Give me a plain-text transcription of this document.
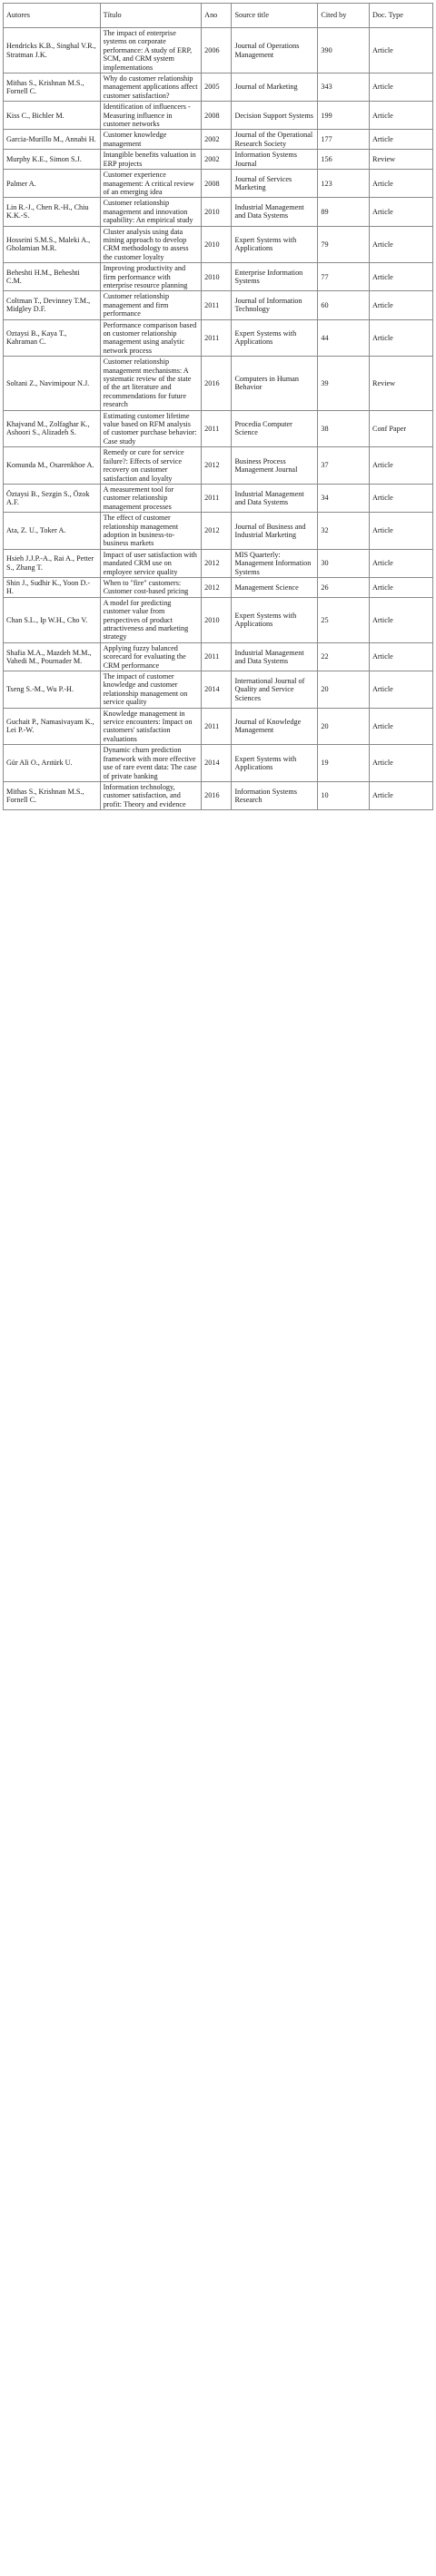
Autores	Título	Ano	Source title	Cited by	Doc. Type
Hendricks K.B., Singhal V.R., Stratman J.K.	The impact of enterprise systems on corporate performance: A study of ERP, SCM, and CRM system implementations	2006	Journal of Operations Management	390	Article
Mithas S., Krishnan M.S., Fornell C.	Why do customer relationship management applications affect customer satisfaction?	2005	Journal of Marketing	343	Article
Kiss C., Bichler M.	Identification of influencers - Measuring influence in customer networks	2008	Decision Support Systems	199	Article
Garcia-Murillo M., Annabi H.	Customer knowledge management	2002	Journal of the Operational Research Society	177	Article
Murphy K.E., Simon S.J.	Intangible benefits valuation in ERP projects	2002	Information Systems Journal	156	Review
Palmer A.	Customer experience management: A critical review of an emerging idea	2008	Journal of Services Marketing	123	Article
Lin R.-J., Chen R.-H., Chiu K.K.-S.	Customer relationship management and innovation capability: An empirical study	2010	Industrial Management and Data Systems	89	Article
Hosseini S.M.S., Maleki A., Gholamian M.R.	Cluster analysis using data mining approach to develop CRM methodology to assess the customer loyalty	2010	Expert Systems with Applications	79	Article
Beheshti H.M., Beheshti C.M.	Improving productivity and firm performance with enterprise resource planning	2010	Enterprise Information Systems	77	Article
Coltman T., Devinney T.M., Midgley D.F.	Customer relationship management and firm performance	2011	Journal of Information Technology	60	Article
Oztaysi B., Kaya T., Kahraman C.	Performance comparison based on customer relationship management using analytic network process	2011	Expert Systems with Applications	44	Article
Soltani Z., Navimipour N.J.	Customer relationship management mechanisms: A systematic review of the state of the art literature and recommendations for future research	2016	Computers in Human Behavior	39	Review
Khajvand M., Zolfaghar K., Ashoori S., Alizadeh S.	Estimating customer lifetime value based on RFM analysis of customer purchase behavior: Case study	2011	Procedia Computer Science	38	Conf Paper
Komunda M., Osarenkhoe A.	Remedy or cure for service failure?: Effects of service recovery on customer satisfaction and loyalty	2012	Business Process Management Journal	37	Article
Öztaysi B., Sezgin S., Özok A.F.	A measurement tool for customer relationship management processes	2011	Industrial Management and Data Systems	34	Article
Ata, Z. U., Toker A.	The effect of customer relationship management adoption in business-to-business markets	2012	Journal of Business and Industrial Marketing	32	Article
Hsieh J.J.P.-A., Rai A., Petter S., Zhang T.	Impact of user satisfaction with mandated CRM use on employee service quality	2012	MIS Quarterly: Management Information Systems	30	Article
Shin J., Sudhir K., Yoon D.-H.	When to "fire" customers: Customer cost-based pricing	2012	Management Science	26	Article
Chan S.L., Ip W.H., Cho V.	A model for predicting customer value from perspectives of product attractiveness and marketing strategy	2010	Expert Systems with Applications	25	Article
Shafia M.A., Mazdeh M.M., Vahedi M., Pournader M.	Applying fuzzy balanced scorecard for evaluating the CRM performance	2011	Industrial Management and Data Systems	22	Article
Tseng S.-M., Wu P.-H.	The impact of customer knowledge and customer relationship management on service quality	2014	International Journal of Quality and Service Sciences	20	Article
Guchait P., Namasivayam K., Lei P.-W.	Knowledge management in service encounters: Impact on customers' satisfaction evaluations	2011	Journal of Knowledge Management	20	Article
Gür Ali O., Arıtürk U.	Dynamic churn prediction framework with more effective use of rare event data: The case of private banking	2014	Expert Systems with Applications	19	Article
Mithas S., Krishnan M.S., Fornell C.	Information technology, customer satisfaction, and profit: Theory and evidence	2016	Information Systems Research	10	Article
